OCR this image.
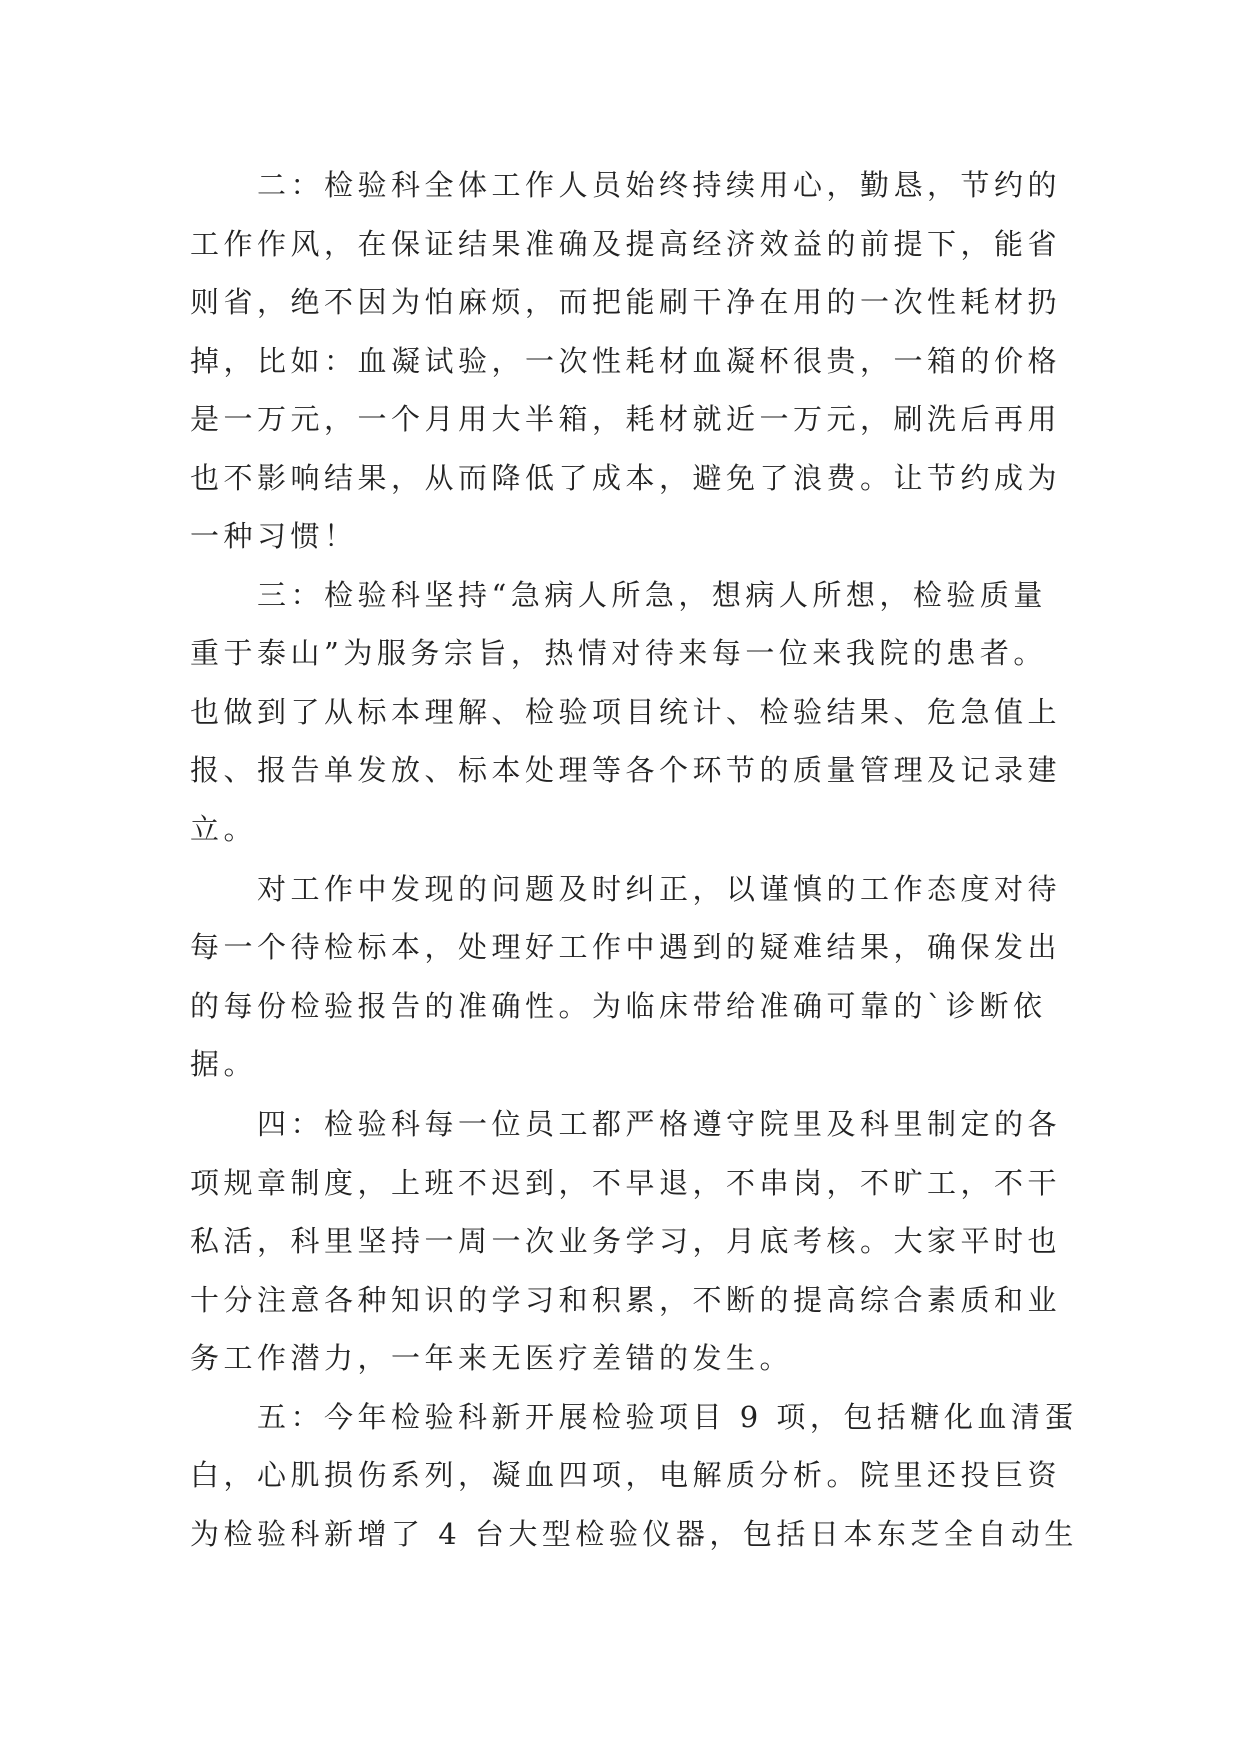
　　二：检验科全体工作人员始终持续用心，勤恳，节约的
工作作风，在保证结果准确及提高经济效益的前提下，能省
则省，绝不因为怕麻烦，而把能刷干净在用的一次性耗材扔
掉，比如：血凝试验，一次性耗材血凝杯很贵，一箱的价格
是一万元，一个月用大半箱，耗材就近一万元，刷洗后再用
也不影响结果，从而降低了成本，避免了浪费。让节约成为
一种习惯！
　　三：检验科坚持“急病人所急，想病人所想，检验质量
重于泰山”为服务宗旨，热情对待来每一位来我院的患者。
也做到了从标本理解、检验项目统计、检验结果、危急值上
报、报告单发放、标本处理等各个环节的质量管理及记录建
立。
　　对工作中发现的问题及时纠正，以谨慎的工作态度对待
每一个待检标本，处理好工作中遇到的疑难结果，确保发出
的每份检验报告的准确性。为临床带给准确可靠的`诊断依
据。
　　四：检验科每一位员工都严格遵守院里及科里制定的各
项规章制度，上班不迟到，不早退，不串岗，不旷工，不干
私活，科里坚持一周一次业务学习，月底考核。大家平时也
十分注意各种知识的学习和积累，不断的提高综合素质和业
务工作潜力，一年来无医疗差错的发生。
　　五：今年检验科新开展检验项目 9 项，包括糖化血清蛋
白，心肌损伤系列，凝血四项，电解质分析。院里还投巨资
为检验科新增了 4 台大型检验仪器，包括日本东芝全自动生
